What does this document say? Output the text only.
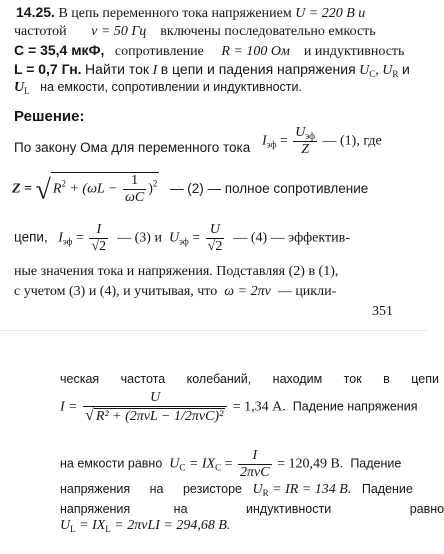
14.25. В цепь переменного тока напряжением U = 220 В и
частотой ν = 50 Гц включены последовательно емкость
C = 35,4 мкФ, сопротивление R = 100 Ом и индуктивность
L = 0,7 Гн. Найти ток I в цепи и падения напряжения $U_C$, $U_R$ и
$U_L$ на емкости, сопротивлении и индуктивности.
Решение:
По закону Ома для переменного тока $I_{эф} = \frac{U_{эф}}{Z}$ — (1), где
Z = √ $R^2 + (\omega L - \frac{1}{\omega C} )^2$ — (2) — полное сопротивление
цепи, $I_{эф} = \frac{I}{√2}$ — (3) и $U_{эф} = \frac{U}{√2}$ — (4) — эффектив-
ные значения тока и напряжения. Подставляя (2) в (1),
с учетом (3) и (4), и учитывая, что ω = 2πν — цикли-
351
ческая частота колебаний, находим ток в цепи
$I = \frac{U}{\text{√ R² + (2πνL − 1/2πνC)²}} = 1,34$ А. Падение напряжения
на емкости равно $U_C = IX_C = \frac{I}{\text{2πνC}} = 120,49$ В. Падение
напряжения на резисторе $U_R$ = IR = 134 В. Падение
напряжения	на	индуктивности	равно
$U_L = IX_L = 2\pi\nu LI = 294,68$ В.
